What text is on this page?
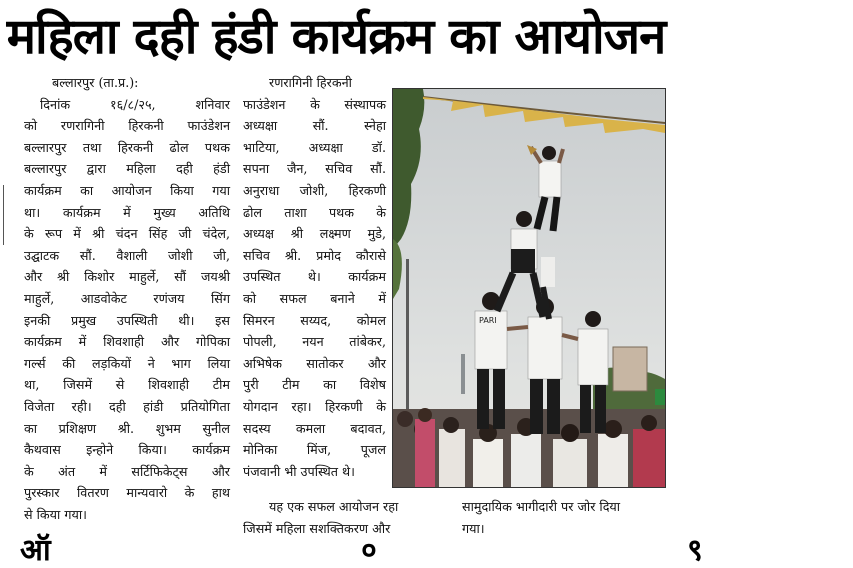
महिला दही हंडी कार्यक्रम का आयोजन
बल्लारपुर (ता.प्र.):
दिनांक १६/८/२५, शनिवार
को रणरागिनी हिरकनी फाउंडेशन
बल्लारपुर तथा हिरकनी ढोल पथक
बल्लारपुर द्वारा महिला दही हंडी
कार्यक्रम का आयोजन किया गया
था। कार्यक्रम में मुख्य अतिथि
के रूप में श्री चंदन सिंह जी चंदेल,
उद्घाटक सौं. वैशाली जोशी जी,
और श्री किशोर माहुर्ले, सौं जयश्री
माहुर्ले, आडवोकेट रणंजय सिंग
इनकी प्रमुख उपस्थिती थी। इस
कार्यक्रम में शिवशाही और गोपिका
गर्ल्स की लड़कियों ने भाग लिया
था, जिसमें से शिवशाही टीम
विजेता रही। दही हांडी प्रतियोगिता
का प्रशिक्षण श्री. शुभम सुनील
कैथवास इन्होने किया। कार्यक्रम
के अंत में सर्टिफिकेट्स और
पुरस्कार वितरण मान्यवारो के हाथ
से किया गया।
रणरागिनी हिरकनी
फाउंडेशन के संस्थापक
अध्यक्षा सौं. स्नेहा
भाटिया, अध्यक्षा डॉ.
सपना जैन, सचिव सौं.
अनुराधा जोशी, हिरकणी
ढोल ताशा पथक के
अध्यक्ष श्री लक्ष्मण मुडे,
सचिव श्री. प्रमोद कौरासे
उपस्थित थे। कार्यक्रम
को सफल बनाने में
सिमरन सय्यद, कोमल
पोपली, नयन तांबेकर,
अभिषेक सातोकर और
पुरी टीम का विशेष
योगदान रहा। हिरकणी के
सदस्य कमला बदावत,
मोनिका मिंज, पूजल
पंजवानी भी उपस्थित थे।
यह एक सफल आयोजन रहा
जिसमें महिला सशक्तिकरण और
सामुदायिक भागीदारी पर जोर दिया
गया।
PARI
ऑ ० ९
